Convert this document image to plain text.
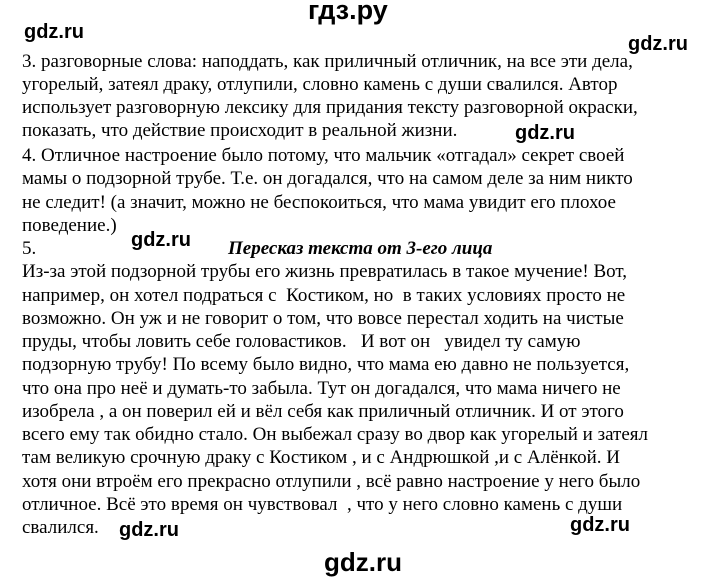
гдз.ру
gdz.ru
gdz.ru
gdz.ru
gdz.ru
gdz.ru	gdz.ru
gdz.ru
3. разговорные слова: наподдать, как приличный отличник, на все эти дела,
угорелый, затеял драку, отлупили, словно камень с души свалился. Автор
использует разговорную лексику для придания тексту разговорной окраски,
показать, что действие происходит в реальной жизни.
4. Отличное настроение было потому, что мальчик «отгадал» секрет своей
мамы о подзорной трубе. Т.е. он догадался, что на самом деле за ним никто
не следит! (а значит, можно не беспокоиться, что мама увидит его плохое
поведение.)
5.	Пересказ текста от 3-его лица
Из-за этой подзорной трубы его жизнь превратилаcь в такое мучение! Вот,
например, он хотел подраться с  Костиком, но  в таких условиях просто не
возможно. Он уж и не говорит о том, что вовсе перестал ходить на чистые
пруды, чтобы ловить себе головастиков.   И вот он   увидел ту самую
подзорную трубу! По всему было видно, что мама ею давно не пользуется,
что она про неё и думать-то забыла. Тут он догадался, что мама ничего не
изобрела , а он поверил ей и вёл себя как приличный отличник. И от этого
всего ему так обидно стало. Он выбежал сразу во двор как угорелый и затеял
там великую срочную драку с Костиком , и с Андрюшкой ,и с Алёнкой. И
хотя они втроём его прекрасно отлупили , всё равно настроение у него было
отличное. Всё это время он чувствовал  , что у него словно камень с души
свалился.
